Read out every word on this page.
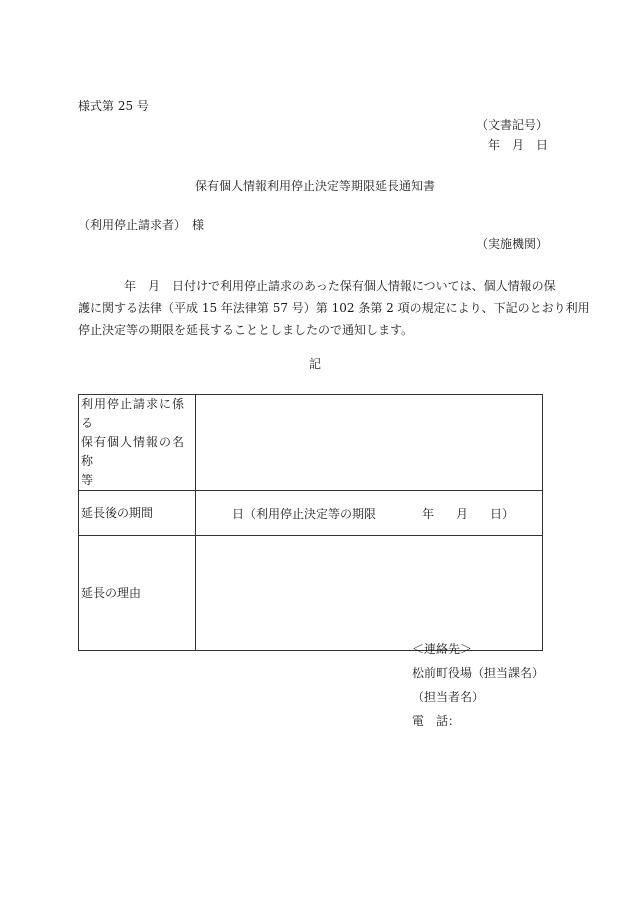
様式第 25 号
（文書記号）
年　月　日
保有個人情報利用停止決定等期限延長通知書
（利用停止請求者）　様
（実施機関）
年　月　日付けで利用停止請求のあった保有個人情報については、個人情報の保
護に関する法律（平成 15 年法律第 57 号）第 102 条第 2 項の規定により、下記のとおり利用
停止決定等の期限を延長することとしましたので通知します。
記
利用停止請求に係る
保有個人情報の名称
等	

延長後の期間	日（利用停止決定等の期限 年 月 日）

延長の理由	
＜連絡先＞
松前町役場（担当課名）
（担当者名）
電　話：
